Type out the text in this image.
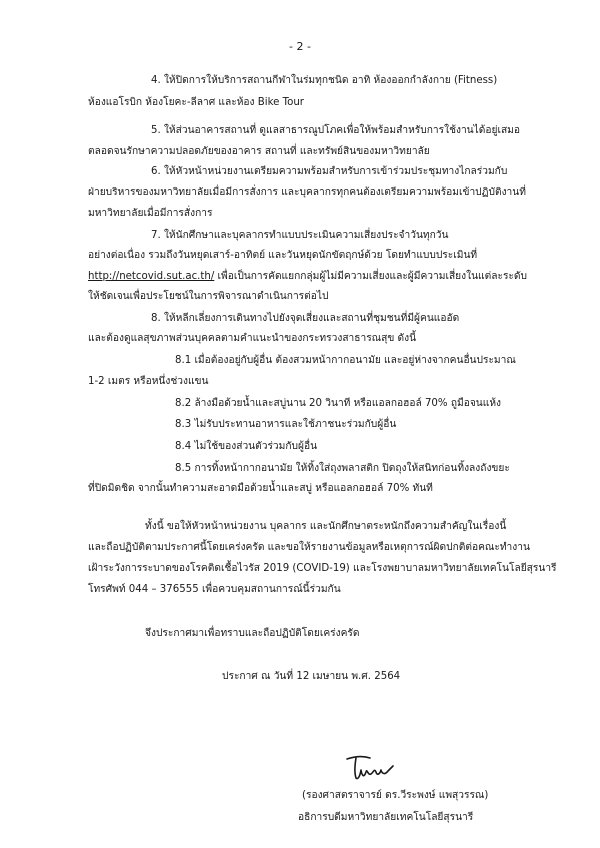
- 2 -
4. ให้ปิดการให้บริการสถานกีฬาในร่มทุกชนิด อาทิ ห้องออกกำลังกาย (Fitness)
ห้องแอโรบิก ห้องโยคะ-ลีลาศ และห้อง Bike Tour
5. ให้ส่วนอาคารสถานที่ ดูแลสาธารณูปโภคเพื่อให้พร้อมสำหรับการใช้งานได้อยู่เสมอ
ตลอดจนรักษาความปลอดภัยของอาคาร สถานที่ และทรัพย์สินของมหาวิทยาลัย
6. ให้หัวหน้าหน่วยงานเตรียมความพร้อมสำหรับการเข้าร่วมประชุมทางไกลร่วมกับ
ฝ่ายบริหารของมหาวิทยาลัยเมื่อมีการสั่งการ และบุคลากรทุกคนต้องเตรียมความพร้อมเข้าปฏิบัติงานที่
มหาวิทยาลัยเมื่อมีการสั่งการ
7. ให้นักศึกษาและบุคลากรทำแบบประเมินความเสี่ยงประจำวันทุกวัน
อย่างต่อเนื่อง รวมถึงวันหยุดเสาร์-อาทิตย์ และวันหยุดนักขัตฤกษ์ด้วย โดยทำแบบประเมินที่
http://netcovid.sut.ac.th/ เพื่อเป็นการคัดแยกกลุ่มผู้ไม่มีความเสี่ยงและผู้มีความเสี่ยงในแต่ละระดับ
ให้ชัดเจนเพื่อประโยชน์ในการพิจารณาดำเนินการต่อไป
8. ให้หลีกเลี่ยงการเดินทางไปยังจุดเสี่ยงและสถานที่ชุมชนที่มีผู้คนแออัด
และต้องดูแลสุขภาพส่วนบุคคลตามคำแนะนำของกระทรวงสาธารณสุข ดังนี้
8.1 เมื่อต้องอยู่กับผู้อื่น ต้องสวมหน้ากากอนามัย และอยู่ห่างจากคนอื่นประมาณ
1-2 เมตร หรือหนึ่งช่วงแขน
8.2 ล้างมือด้วยน้ำและสบู่นาน 20 วินาที หรือแอลกอฮอล์ 70% ถูมือจนแห้ง
8.3 ไม่รับประทานอาหารและใช้ภาชนะร่วมกับผู้อื่น
8.4 ไม่ใช้ของส่วนตัวร่วมกับผู้อื่น
8.5 การทิ้งหน้ากากอนามัย ให้ทิ้งใส่ถุงพลาสติก ปิดถุงให้สนิทก่อนทิ้งลงถังขยะ
ที่ปิดมิดชิด จากนั้นทำความสะอาดมือด้วยน้ำและสบู่ หรือแอลกอฮอล์ 70% ทันที
ทั้งนี้ ขอให้หัวหน้าหน่วยงาน บุคลากร และนักศึกษาตระหนักถึงความสำคัญในเรื่องนี้
และถือปฏิบัติตามประกาศนี้โดยเคร่งครัด และขอให้รายงานข้อมูลหรือเหตุการณ์ผิดปกติต่อคณะทำงาน
เฝ้าระวังการระบาดของโรคติดเชื้อไวรัส 2019 (COVID-19) และโรงพยาบาลมหาวิทยาลัยเทคโนโลยีสุรนารี
โทรศัพท์ 044 – 376555 เพื่อควบคุมสถานการณ์นี้ร่วมกัน
จึงประกาศมาเพื่อทราบและถือปฏิบัติโดยเคร่งครัด
ประกาศ ณ วันที่ 12 เมษายน พ.ศ. 2564
(รองศาสตราจารย์ ดร.วีระพงษ์ แพสุวรรณ)
อธิการบดีมหาวิทยาลัยเทคโนโลยีสุรนารี
